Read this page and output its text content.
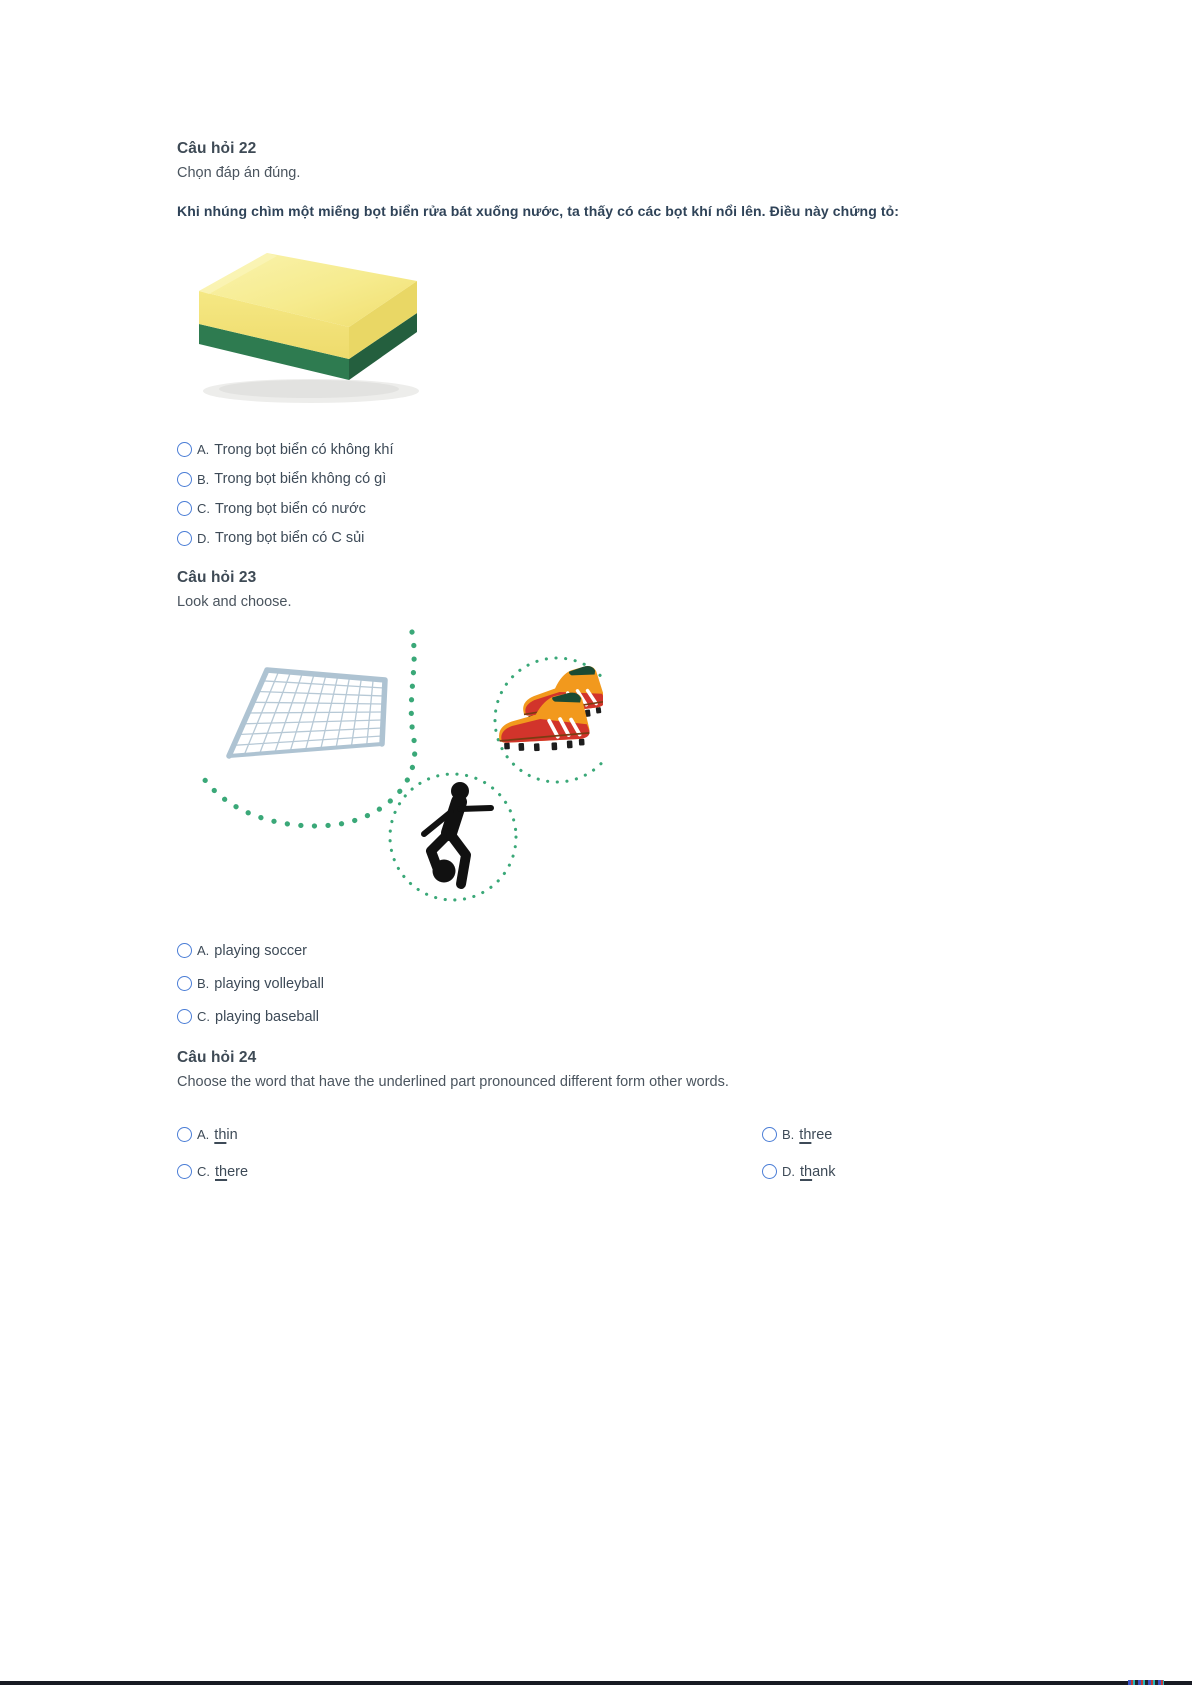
Câu hỏi 22

Chọn đáp án đúng.

Khi nhúng chìm một miếng bọt biển rửa bát xuống nước, ta thấy có các bọt khí nổi lên. Điều này chứng tỏ:

A. Trong bọt biển có không khí
B. Trong bọt biển không có gì
C. Trong bọt biển có nước
D. Trong bọt biển có C sủi
Câu hỏi 23

Look and choose.

A. playing soccer
B. playing volleyball
C. playing baseball
Câu hỏi 24

Choose the word that have the underlined part pronounced different form other words.

A. thin	B. three
C. there	D. thank
